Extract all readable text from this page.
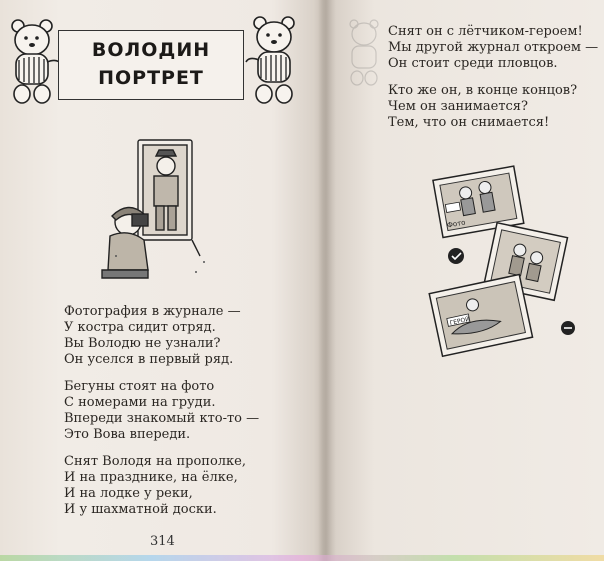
ВОЛОДИН
ПОРТРЕТ
Фотография в журнале —
У костра сидит отряд.
Вы Володю не узнали?
Он уселся в первый ряд.
Бегуны стоят на фото
С номерами на груди.
Впереди знакомый кто-то —
Это Вова впереди.
Снят Володя на прополке,
И на празднике, на ёлке,
И на лодке у реки,
И у шахматной доски.
314
Снят он с лётчиком-героем!
Мы другой журнал откроем —
Он стоит среди пловцов.
Кто же он, в конце концов?
Чем он занимается?
Тем, что он снимается!
Фото
ГЕРОЙ
